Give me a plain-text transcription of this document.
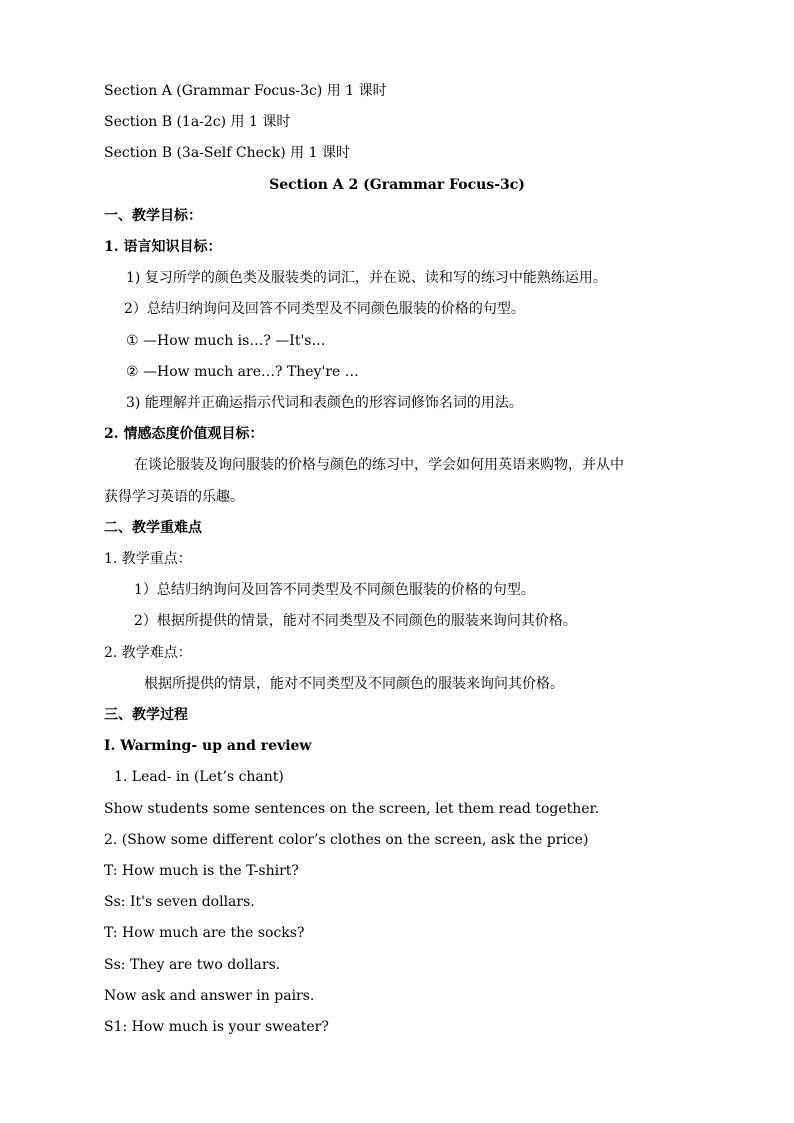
Section A (Grammar Focus-3c) 用 1 课时
Section B (1a-2c) 用 1 课时
Section B (3a-Self Check) 用 1 课时
Section A 2 (Grammar Focus-3c)
一、教学目标：
1. 语言知识目标：
1) 复习所学的颜色类及服装类的词汇，并在说、读和写的练习中能熟练运用。
2）总结归纳询问及回答不同类型及不同颜色服装的价格的句型。
① —How much is…? —It's…
② —How much are…? They're …
3) 能理解并正确运指示代词和表颜色的形容词修饰名词的用法。
2. 情感态度价值观目标：
在谈论服装及询问服装的价格与颜色的练习中，学会如何用英语来购物，并从中
获得学习英语的乐趣。
二、教学重难点
1. 教学重点：
1）总结归纳询问及回答不同类型及不同颜色服装的价格的句型。
2）根据所提供的情景，能对不同类型及不同颜色的服装来询问其价格。
2. 教学难点：
根据所提供的情景，能对不同类型及不同颜色的服装来询问其价格。
三、教学过程
Ⅰ. Warming- up and review
1. Lead- in (Let’s chant)
Show students some sentences on the screen, let them read together.
2. (Show some different color’s clothes on the screen, ask the price)
T: How much is the T-shirt?
Ss: It's seven dollars.
T: How much are the socks?
Ss: They are two dollars.
Now ask and answer in pairs.
S1: How much is your sweater?
